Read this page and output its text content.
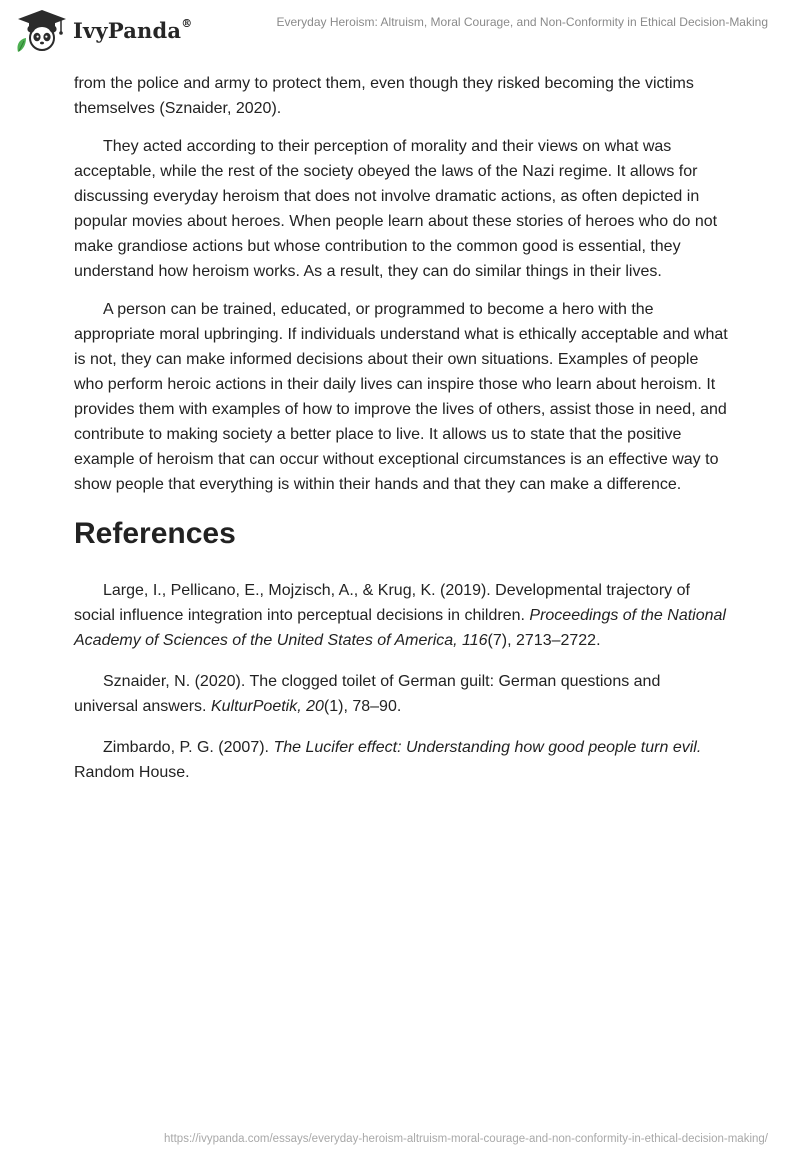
IvyPanda®	Everyday Heroism: Altruism, Moral Courage, and Non-Conformity in Ethical Decision-Making

from the police and army to protect them, even though they risked becoming the victims themselves (Sznaider, 2020).

They acted according to their perception of morality and their views on what was acceptable, while the rest of the society obeyed the laws of the Nazi regime. It allows for discussing everyday heroism that does not involve dramatic actions, as often depicted in popular movies about heroes. When people learn about these stories of heroes who do not make grandiose actions but whose contribution to the common good is essential, they understand how heroism works. As a result, they can do similar things in their lives.

A person can be trained, educated, or programmed to become a hero with the appropriate moral upbringing. If individuals understand what is ethically acceptable and what is not, they can make informed decisions about their own situations. Examples of people who perform heroic actions in their daily lives can inspire those who learn about heroism. It provides them with examples of how to improve the lives of others, assist those in need, and contribute to making society a better place to live. It allows us to state that the positive example of heroism that can occur without exceptional circumstances is an effective way to show people that everything is within their hands and that they can make a difference.

References

Large, I., Pellicano, E., Mojzisch, A., & Krug, K. (2019). Developmental trajectory of social influence integration into perceptual decisions in children. Proceedings of the National Academy of Sciences of the United States of America, 116(7), 2713–2722.

Sznaider, N. (2020). The clogged toilet of German guilt: German questions and universal answers. KulturPoetik, 20(1), 78–90.

Zimbardo, P. G. (2007). The Lucifer effect: Understanding how good people turn evil. Random House.

https://ivypanda.com/essays/everyday-heroism-altruism-moral-courage-and-non-conformity-in-ethical-decision-making/
